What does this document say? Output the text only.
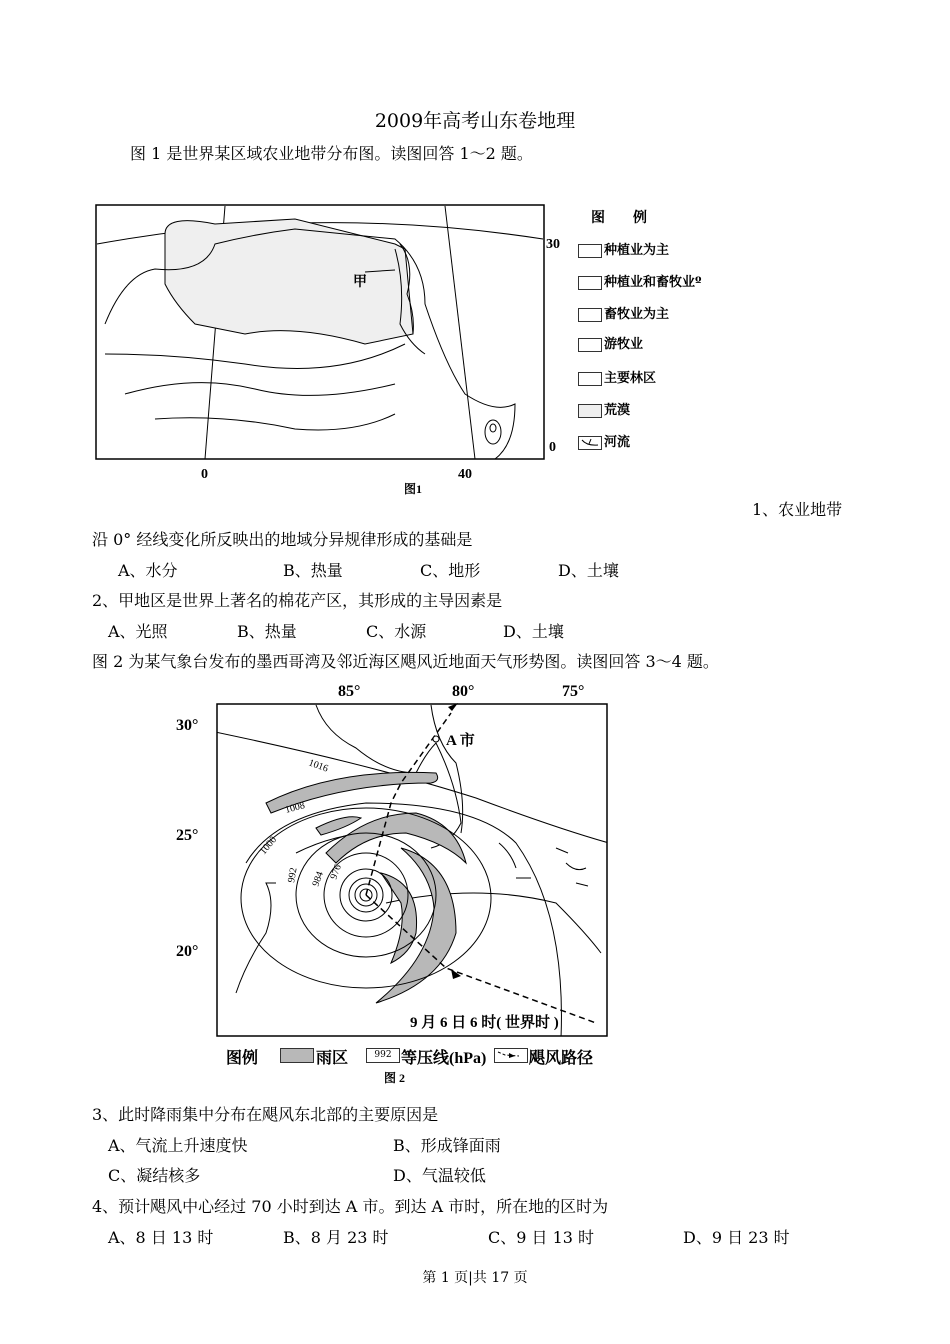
2009年高考山东卷地理
图 1 是世界某区域农业地带分布图。读图回答 1～2 题。
甲
30
0
0	40
图1
图　　例
种植业为主
种植业和畜牧业º
畜牧业为主
游牧业
主要林区
荒漠
河流
1、农业地带
沿 0° 经线变化所反映出的地域分异规律形成的基础是
A、水分	B、热量	C、地形	D、土壤
2、甲地区是世界上著名的棉花产区，其形成的主导因素是
A、光照	B、热量	C、水源	D、土壤
图 2 为某气象台发布的墨西哥湾及邻近海区飓风近地面天气形势图。读图回答 3～4 题。
1016
1008
1000
992 984 976
85°	80°	75°
30°
25°
20°
A 市
9 月 6 日 6 时( 世界时 )
图例	雨区	992 等压线(hPa)	飓风路径
图 2
3、此时降雨集中分布在飓风东北部的主要原因是
A、气流上升速度快	B、形成锋面雨
C、凝结核多	D、气温较低
4、预计飓风中心经过 70 小时到达 A 市。到达 A 市时，所在地的区时为
A、8 日 13 时	B、8 月 23 时	C、9 日 13 时	D、9 日 23 时
第 1 页|共 17 页
